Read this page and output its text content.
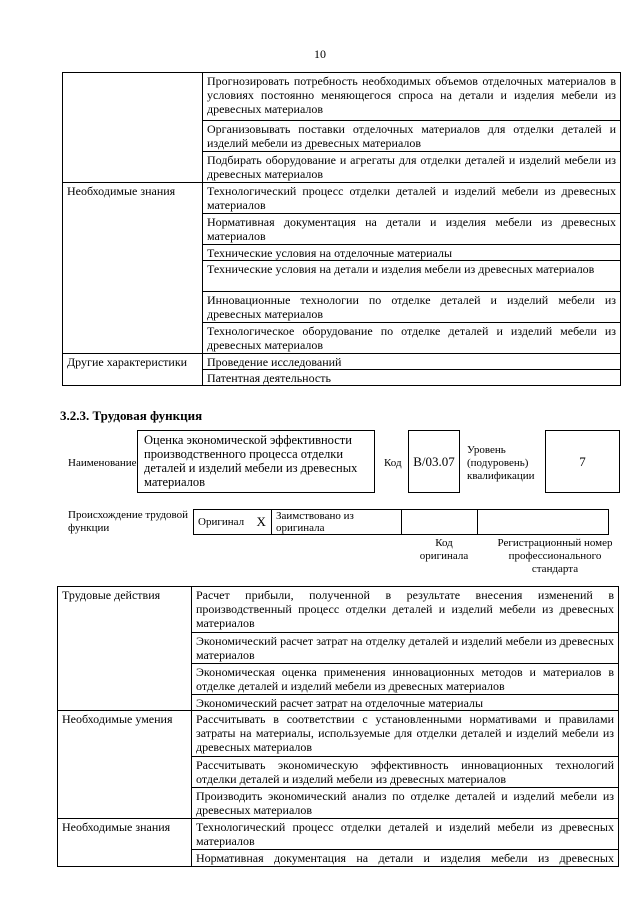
10
	Прогнозировать потребность необходимых объемов отделочных материалов в условиях постоянно меняющегося спроса на детали и изделия мебели из древесных материалов
	Организовывать поставки отделочных материалов для отделки деталей и изделий мебели из древесных материалов
	Подбирать оборудование и агрегаты для отделки деталей и изделий мебели из древесных материалов
Необходимые знания	Технологический процесс отделки деталей и изделий мебели из древесных материалов
	Нормативная документация на детали и изделия мебели из древесных материалов
	Технические условия на отделочные материалы
	Технические условия на детали и изделия мебели из древесных материалов
	Инновационные технологии по отделке деталей и изделий мебели из древесных материалов
	Технологическое оборудование по отделке деталей и изделий мебели из древесных материалов
Другие характеристики	Проведение исследований
	Патентная деятельность
3.2.3. Трудовая функция
Наименование
Оценка экономической эффективности производственного процесса отделки деталей и изделий мебели из древесных материалов
Код B/03.07
Уровень (подуровень) квалификации
7
Происхождение трудовой функции	Оригинал	X	Заимствовано из оригинала		
Код оригинала
Регистрационный номер профессионального стандарта
Трудовые действия	Расчет прибыли, полученной в результате внесения изменений в производственный процесс отделки деталей и изделий мебели из древесных материалов
	Экономический расчет затрат на отделку деталей и изделий мебели из древесных материалов
	Экономическая оценка применения инновационных методов и материалов в отделке деталей и изделий мебели из древесных материалов
	Экономический расчет затрат на отделочные материалы
Необходимые умения	Рассчитывать в соответствии с установленными нормативами и правилами затраты на материалы, используемые для отделки деталей и изделий мебели из древесных материалов
	Рассчитывать экономическую эффективность инновационных технологий отделки деталей и изделий мебели из древесных материалов
	Производить экономический анализ по отделке деталей и изделий мебели из древесных материалов
Необходимые знания	Технологический процесс отделки деталей и изделий мебели из древесных материалов
	Нормативная документация на детали и изделия мебели из древесных
